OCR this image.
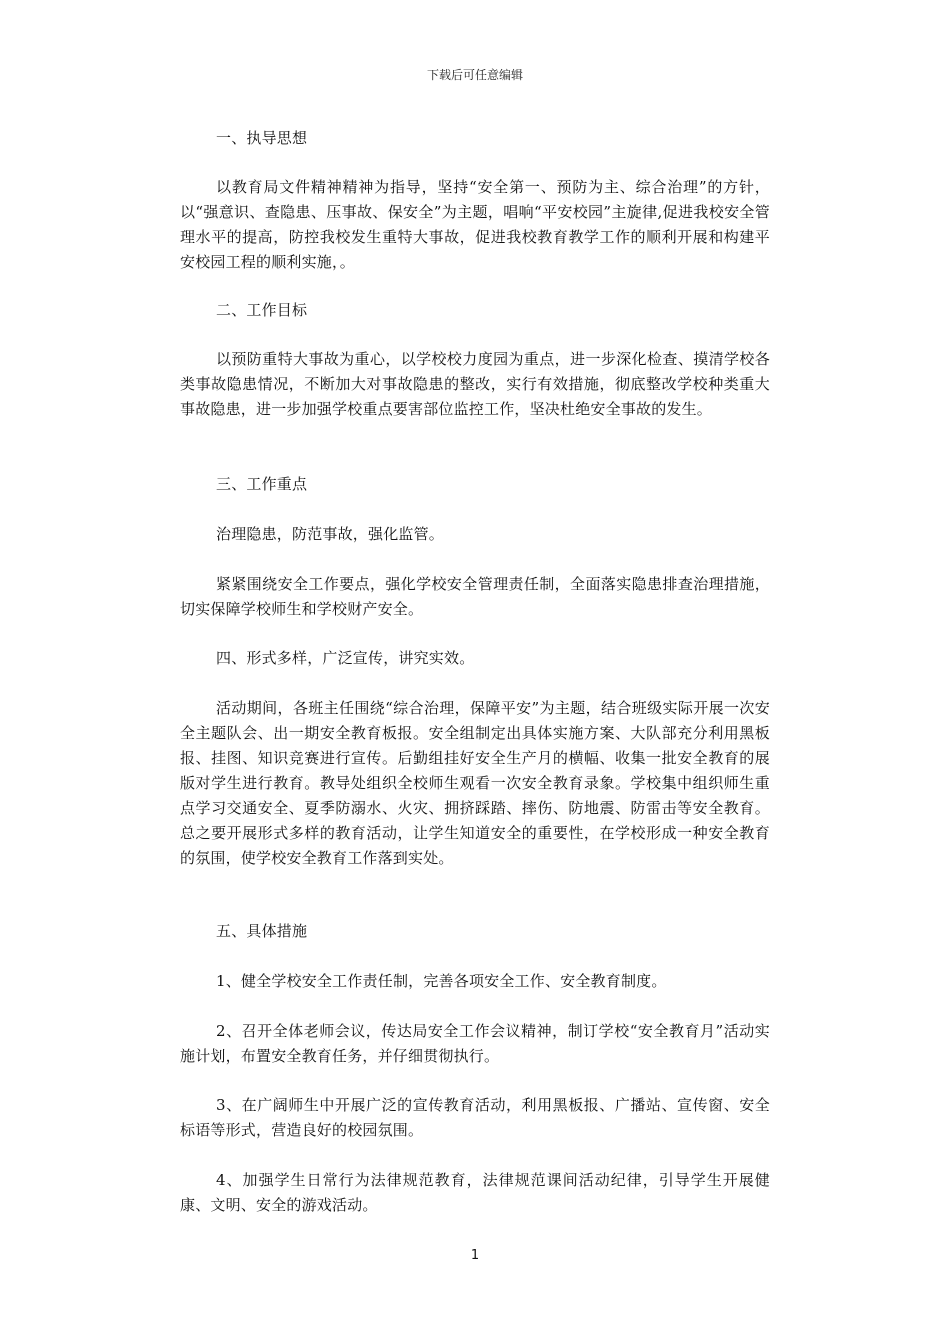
下载后可任意编辑

一、执导思想

以教育局文件精神精神为指导，坚持“安全第一、预防为主、综合治理”的方针，以“强意识、查隐患、压事故、保安全”为主题，唱响“平安校园”主旋律,促进我校安全管理水平的提高，防控我校发生重特大事故，促进我校教育教学工作的顺利开展和构建平安校园工程的顺利实施，。

二、工作目标

以预防重特大事故为重心，以学校校力度园为重点，进一步深化检查、摸清学校各类事故隐患情况，不断加大对事故隐患的整改，实行有效措施，彻底整改学校种类重大事故隐患，进一步加强学校重点要害部位监控工作，坚决杜绝安全事故的发生。

三、工作重点

治理隐患，防范事故，强化监管。

紧紧围绕安全工作要点，强化学校安全管理责任制，全面落实隐患排查治理措施，切实保障学校师生和学校财产安全。

四、形式多样，广泛宣传，讲究实效。

活动期间，各班主任围绕“综合治理，保障平安”为主题，结合班级实际开展一次安全主题队会、出一期安全教育板报。安全组制定出具体实施方案、大队部充分利用黑板报、挂图、知识竞赛进行宣传。后勤组挂好安全生产月的横幅、收集一批安全教育的展版对学生进行教育。教导处组织全校师生观看一次安全教育录象。学校集中组织师生重点学习交通安全、夏季防溺水、火灾、拥挤踩踏、摔伤、防地震、防雷击等安全教育。总之要开展形式多样的教育活动，让学生知道安全的重要性，在学校形成一种安全教育的氛围，使学校安全教育工作落到实处。

五、具体措施

1、健全学校安全工作责任制，完善各项安全工作、安全教育制度。

2、召开全体老师会议，传达局安全工作会议精神，制订学校“安全教育月”活动实施计划，布置安全教育任务，并仔细贯彻执行。

3、在广阔师生中开展广泛的宣传教育活动，利用黑板报、广播站、宣传窗、安全标语等形式，营造良好的校园氛围。

4、加强学生日常行为法律规范教育，法律规范课间活动纪律，引导学生开展健康、文明、安全的游戏活动。

1
